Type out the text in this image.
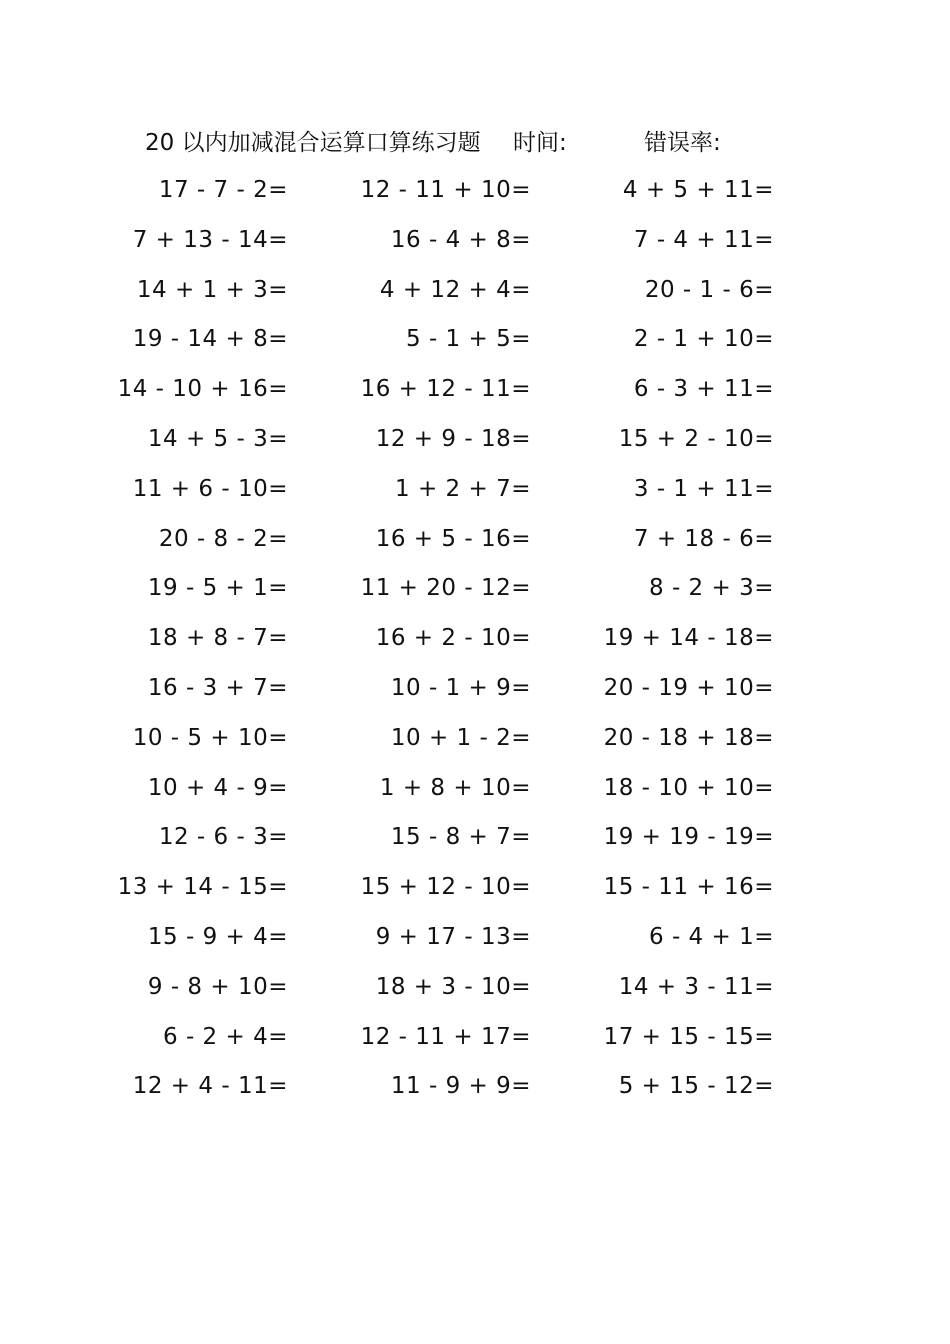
20 以内加减混合运算口算练习题 时间:	错误率:
17 - 7 - 2=
7 + 13 - 14=
14 + 1 + 3=
19 - 14 + 8=
14 - 10 + 16=
14 + 5 - 3=
11 + 6 - 10=
20 - 8 - 2=
19 - 5 + 1=
18 + 8 - 7=
16 - 3 + 7=
10 - 5 + 10=
10 + 4 - 9=
12 - 6 - 3=
13 + 14 - 15=
15 - 9 + 4=
9 - 8 + 10=
6 - 2 + 4=
12 + 4 - 11=
12 - 11 + 10=
16 - 4 + 8=
4 + 12 + 4=
5 - 1 + 5=
16 + 12 - 11=
12 + 9 - 18=
1 + 2 + 7=
16 + 5 - 16=
11 + 20 - 12=
16 + 2 - 10=
10 - 1 + 9=
10 + 1 - 2=
1 + 8 + 10=
15 - 8 + 7=
15 + 12 - 10=
9 + 17 - 13=
18 + 3 - 10=
12 - 11 + 17=
11 - 9 + 9=
4 + 5 + 11=
7 - 4 + 11=
20 - 1 - 6=
2 - 1 + 10=
6 - 3 + 11=
15 + 2 - 10=
3 - 1 + 11=
7 + 18 - 6=
8 - 2 + 3=
19 + 14 - 18=
20 - 19 + 10=
20 - 18 + 18=
18 - 10 + 10=
19 + 19 - 19=
15 - 11 + 16=
6 - 4 + 1=
14 + 3 - 11=
17 + 15 - 15=
5 + 15 - 12=
